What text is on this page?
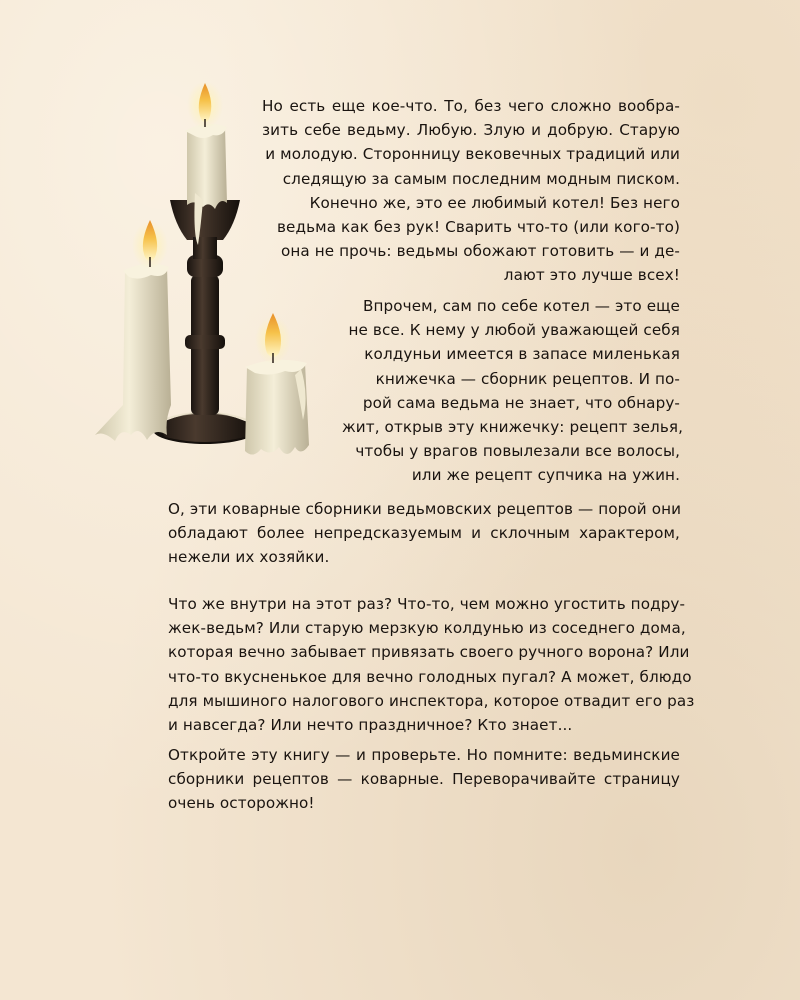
Но есть еще кое-что. То, без чего сложно вообра-
зить себе ведьму. Любую. Злую и добрую. Старую
и молодую. Сторонницу вековечных традиций или
следящую за самым последним модным писком.
Конечно же, это ее любимый котел! Без него
ведьма как без рук! Сварить что-то (или кого-то)
она не прочь: ведьмы обожают готовить — и де-
лают это лучше всех!
Впрочем, сам по себе котел — это еще
не все. К нему у любой уважающей себя
колдуньи имеется в запасе миленькая
книжечка — сборник рецептов. И по-
рой сама ведьма не знает, что обнару-
жит, открыв эту книжечку: рецепт зелья,
чтобы у врагов повылезали все волосы,
или же рецепт супчика на ужин.
О, эти коварные сборники ведьмовских рецептов — порой они
обладают более непредсказуемым и склочным характером,
нежели их хозяйки.
Что же внутри на этот раз? Что-то, чем можно угостить подру-
жек-ведьм? Или старую мерзкую колдунью из соседнего дома,
которая вечно забывает привязать своего ручного ворона? Или
что-то вкусненькое для вечно голодных пугал? А может, блюдо
для мышиного налогового инспектора, которое отвадит его раз
и навсегда? Или нечто праздничное? Кто знает...
Откройте эту книгу — и проверьте. Но помните: ведьминские
сборники рецептов — коварные. Переворачивайте страницу
очень осторожно!
